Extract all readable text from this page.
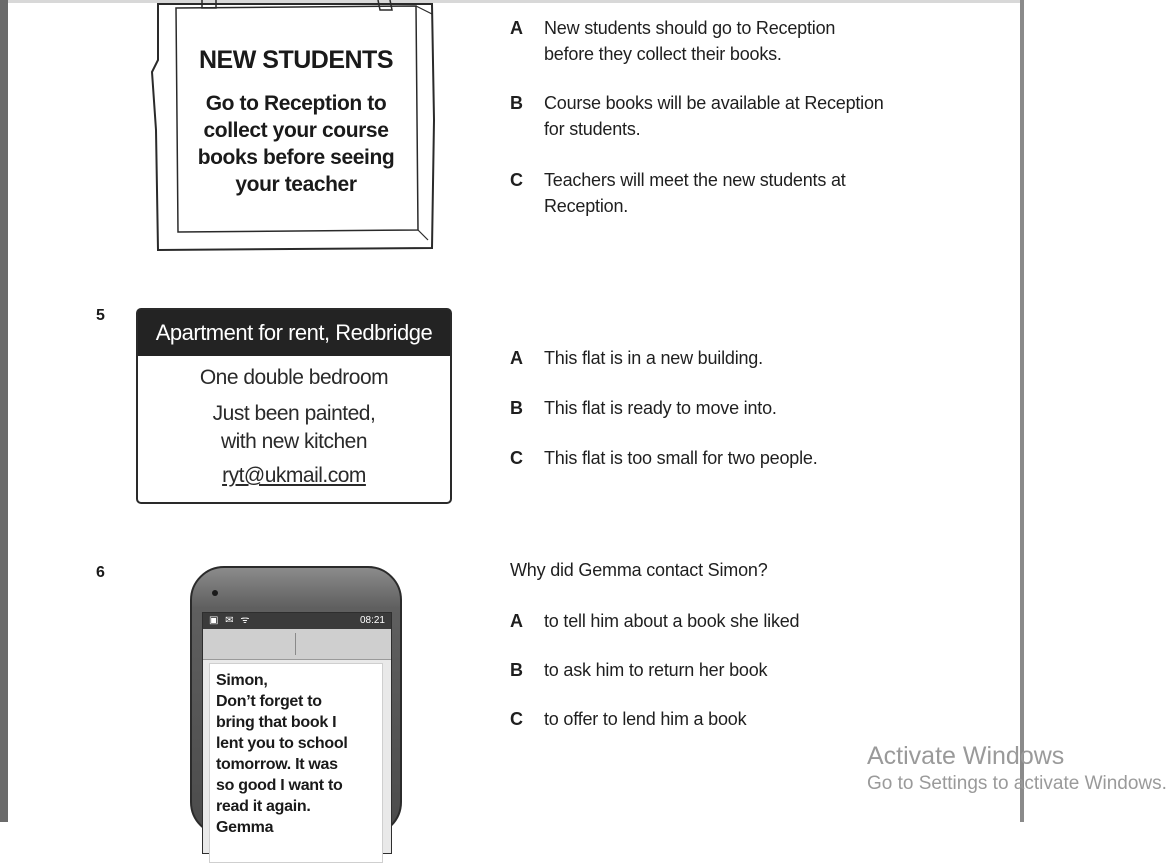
NEW STUDENTS
Go to Reception to
collect your course
books before seeing
your teacher
A	New students should go to Reception
before they collect their books.
B	Course books will be available at Reception
for students.
C	Teachers will meet the new students at
Reception.
5
Apartment for rent, Redbridge
One double bedroom
Just been painted,
with new kitchen
ryt@ukmail.com
A	This flat is in a new building.
B	This flat is ready to move into.
C	This flat is too small for two people.
6
▣ ✉ ᯤ	08:21
Simon,
Don’t forget to
bring that book I
lent you to school
tomorrow. It was
so good I want to
read it again.
Gemma
Why did Gemma contact Simon?
A	to tell him about a book she liked
B	to ask him to return her book
C	to offer to lend him a book
Activate Windows
Go to Settings to activate Windows.
